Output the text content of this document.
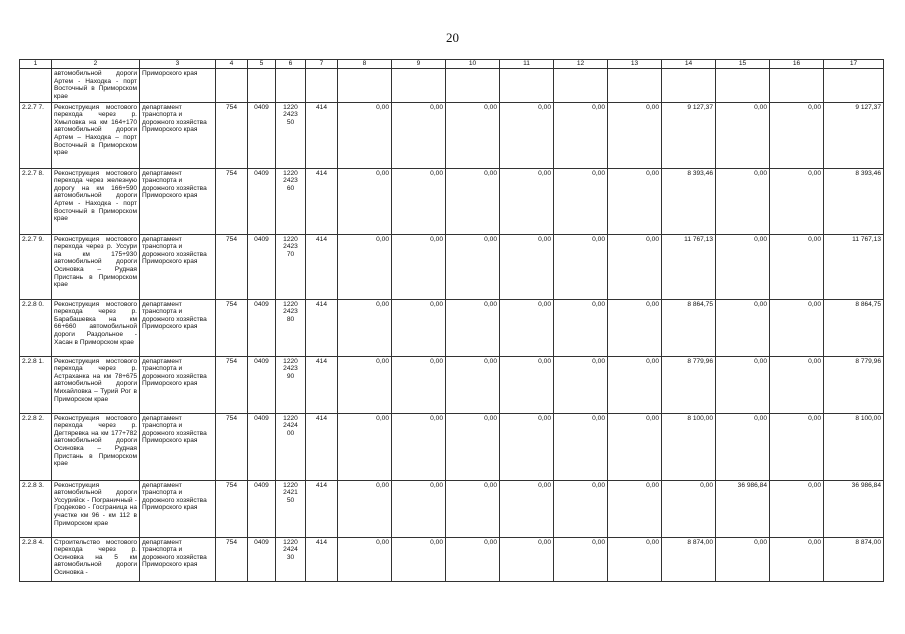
20
1	2	3	4	5	6	7	8	9	10	11	12	13	14	15	16	17
	автомобильной дороги Артем - Находка - порт Восточный в Приморском крае	Приморского края														
2.2.7 7.	Реконструкция мостового перехода через р. Хмыловка на км 164+170 автомобильной дороги Артем – Находка – порт Восточный в Приморском крае	департамент транспорта и дорожного хозяйства Приморского края	754	0409	1220
2423
50	414	0,00	0,00	0,00	0,00	0,00	0,00	9 127,37	0,00	0,00	9 127,37
2.2.7 8.	Реконструкция мостового перехода через железную дорогу на км 166+590 автомобильной дороги Артем - Находка - порт Восточный в Приморском крае	департамент транспорта и дорожного хозяйства Приморского края	754	0409	1220
2423
60	414	0,00	0,00	0,00	0,00	0,00	0,00	8 393,46	0,00	0,00	8 393,46
2.2.7 9.	Реконструкция мостового перехода через р. Уссури на км 175+930 автомобильной дороги Осиновка – Рудная Пристань в Приморском крае	департамент транспорта и дорожного хозяйства Приморского края	754	0409	1220
2423
70	414	0,00	0,00	0,00	0,00	0,00	0,00	11 767,13	0,00	0,00	11 767,13
2.2.8 0.	Реконструкция мостового перехода через р. Барабашевка на км 66+660 автомобильной дороги Раздольное - Хасан в Приморском крае	департамент транспорта и дорожного хозяйства Приморского края	754	0409	1220
2423
80	414	0,00	0,00	0,00	0,00	0,00	0,00	8 864,75	0,00	0,00	8 864,75
2.2.8 1.	Реконструкция мостового перехода через р. Астраханка на км 78+675 автомобильной дороги Михайловка – Турий Рог в Приморском крае	департамент транспорта и дорожного хозяйства Приморского края	754	0409	1220
2423
90	414	0,00	0,00	0,00	0,00	0,00	0,00	8 779,96	0,00	0,00	8 779,96
2.2.8 2.	Реконструкция мостового перехода через р. Дегтяревка на км 177+782 автомобильной дороги Осиновка – Рудная Пристань в Приморском крае	департамент транспорта и дорожного хозяйства Приморского края	754	0409	1220
2424
00	414	0,00	0,00	0,00	0,00	0,00	0,00	8 100,00	0,00	0,00	8 100,00
2.2.8 3.	Реконструкция автомобильной дороги Уссурийск - Пограничный - Гродеково - Госграница на участке км 96 - км 112 в Приморском крае	департамент транспорта и дорожного хозяйства Приморского края	754	0409	1220
2421
50	414	0,00	0,00	0,00	0,00	0,00	0,00	0,00	36 986,84	0,00	36 986,84
2.2.8 4.	Строительство мостового перехода через р. Осиновка на 5 км автомобильной дороги Осиновка -	департамент транспорта и дорожного хозяйства Приморского края	754	0409	1220
2424
30	414	0,00	0,00	0,00	0,00	0,00	0,00	8 874,00	0,00	0,00	8 874,00
